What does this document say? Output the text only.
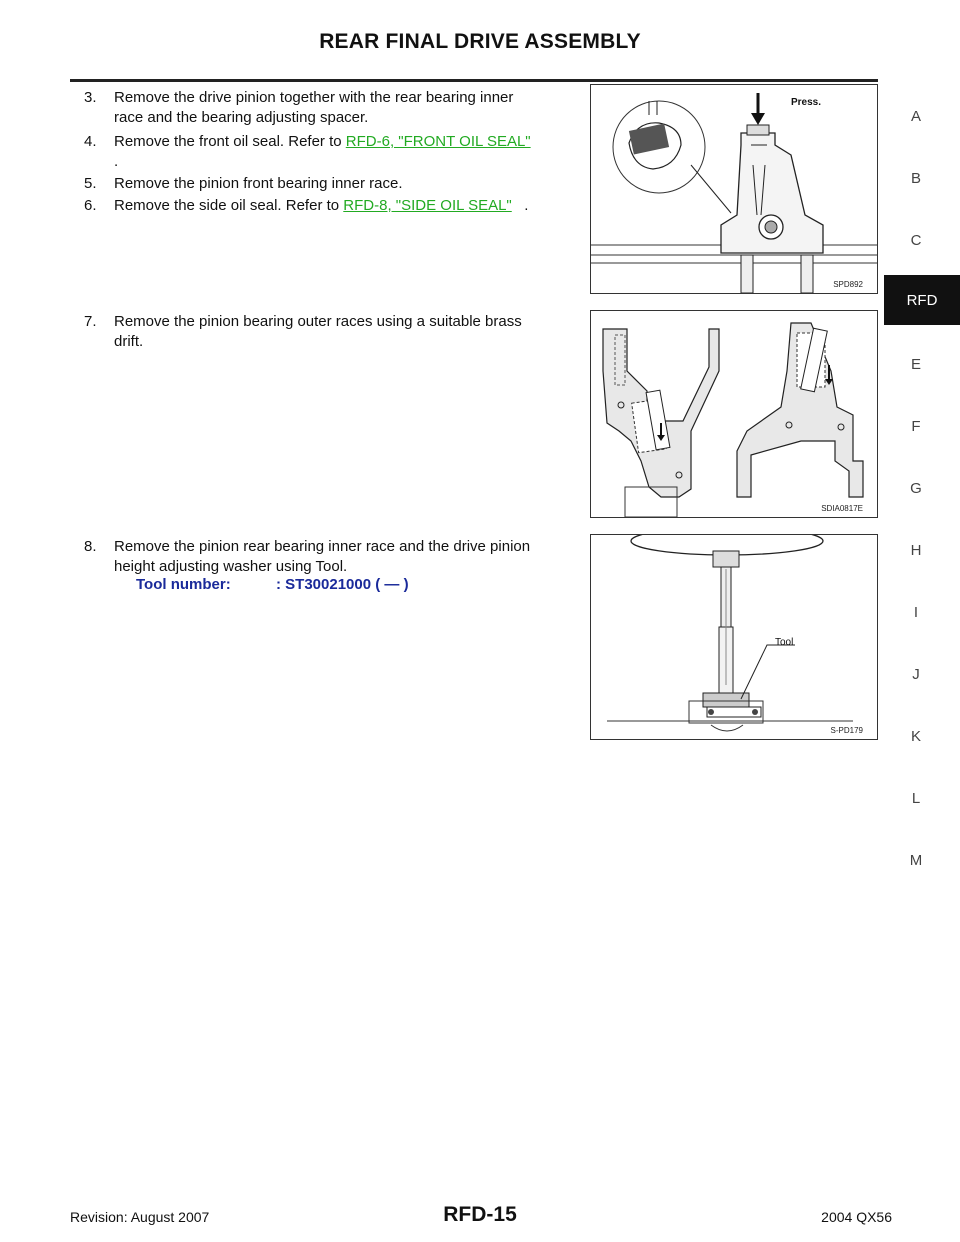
REAR FINAL DRIVE ASSEMBLY
3. Remove the drive pinion together with the rear bearing inner
race and the bearing adjusting spacer.
4. Remove the front oil seal. Refer to RFD-6, "FRONT OIL SEAL"
.
5. Remove the pinion front bearing inner race.
6. Remove the side oil seal. Refer to RFD-8, "SIDE OIL SEAL" .
7. Remove the pinion bearing outer races using a suitable brass
drift.
8. Remove the pinion rear bearing inner race and the drive pinion
height adjusting washer using Tool.
Tool number:	: ST30021000 ( — )
Press.
SPD892
SDIA0817E
Tool
S-PD179
A
B
C
RFD
E
F
G
H
I
J
K
L
M
Revision: August 2007	RFD-15	2004 QX56
